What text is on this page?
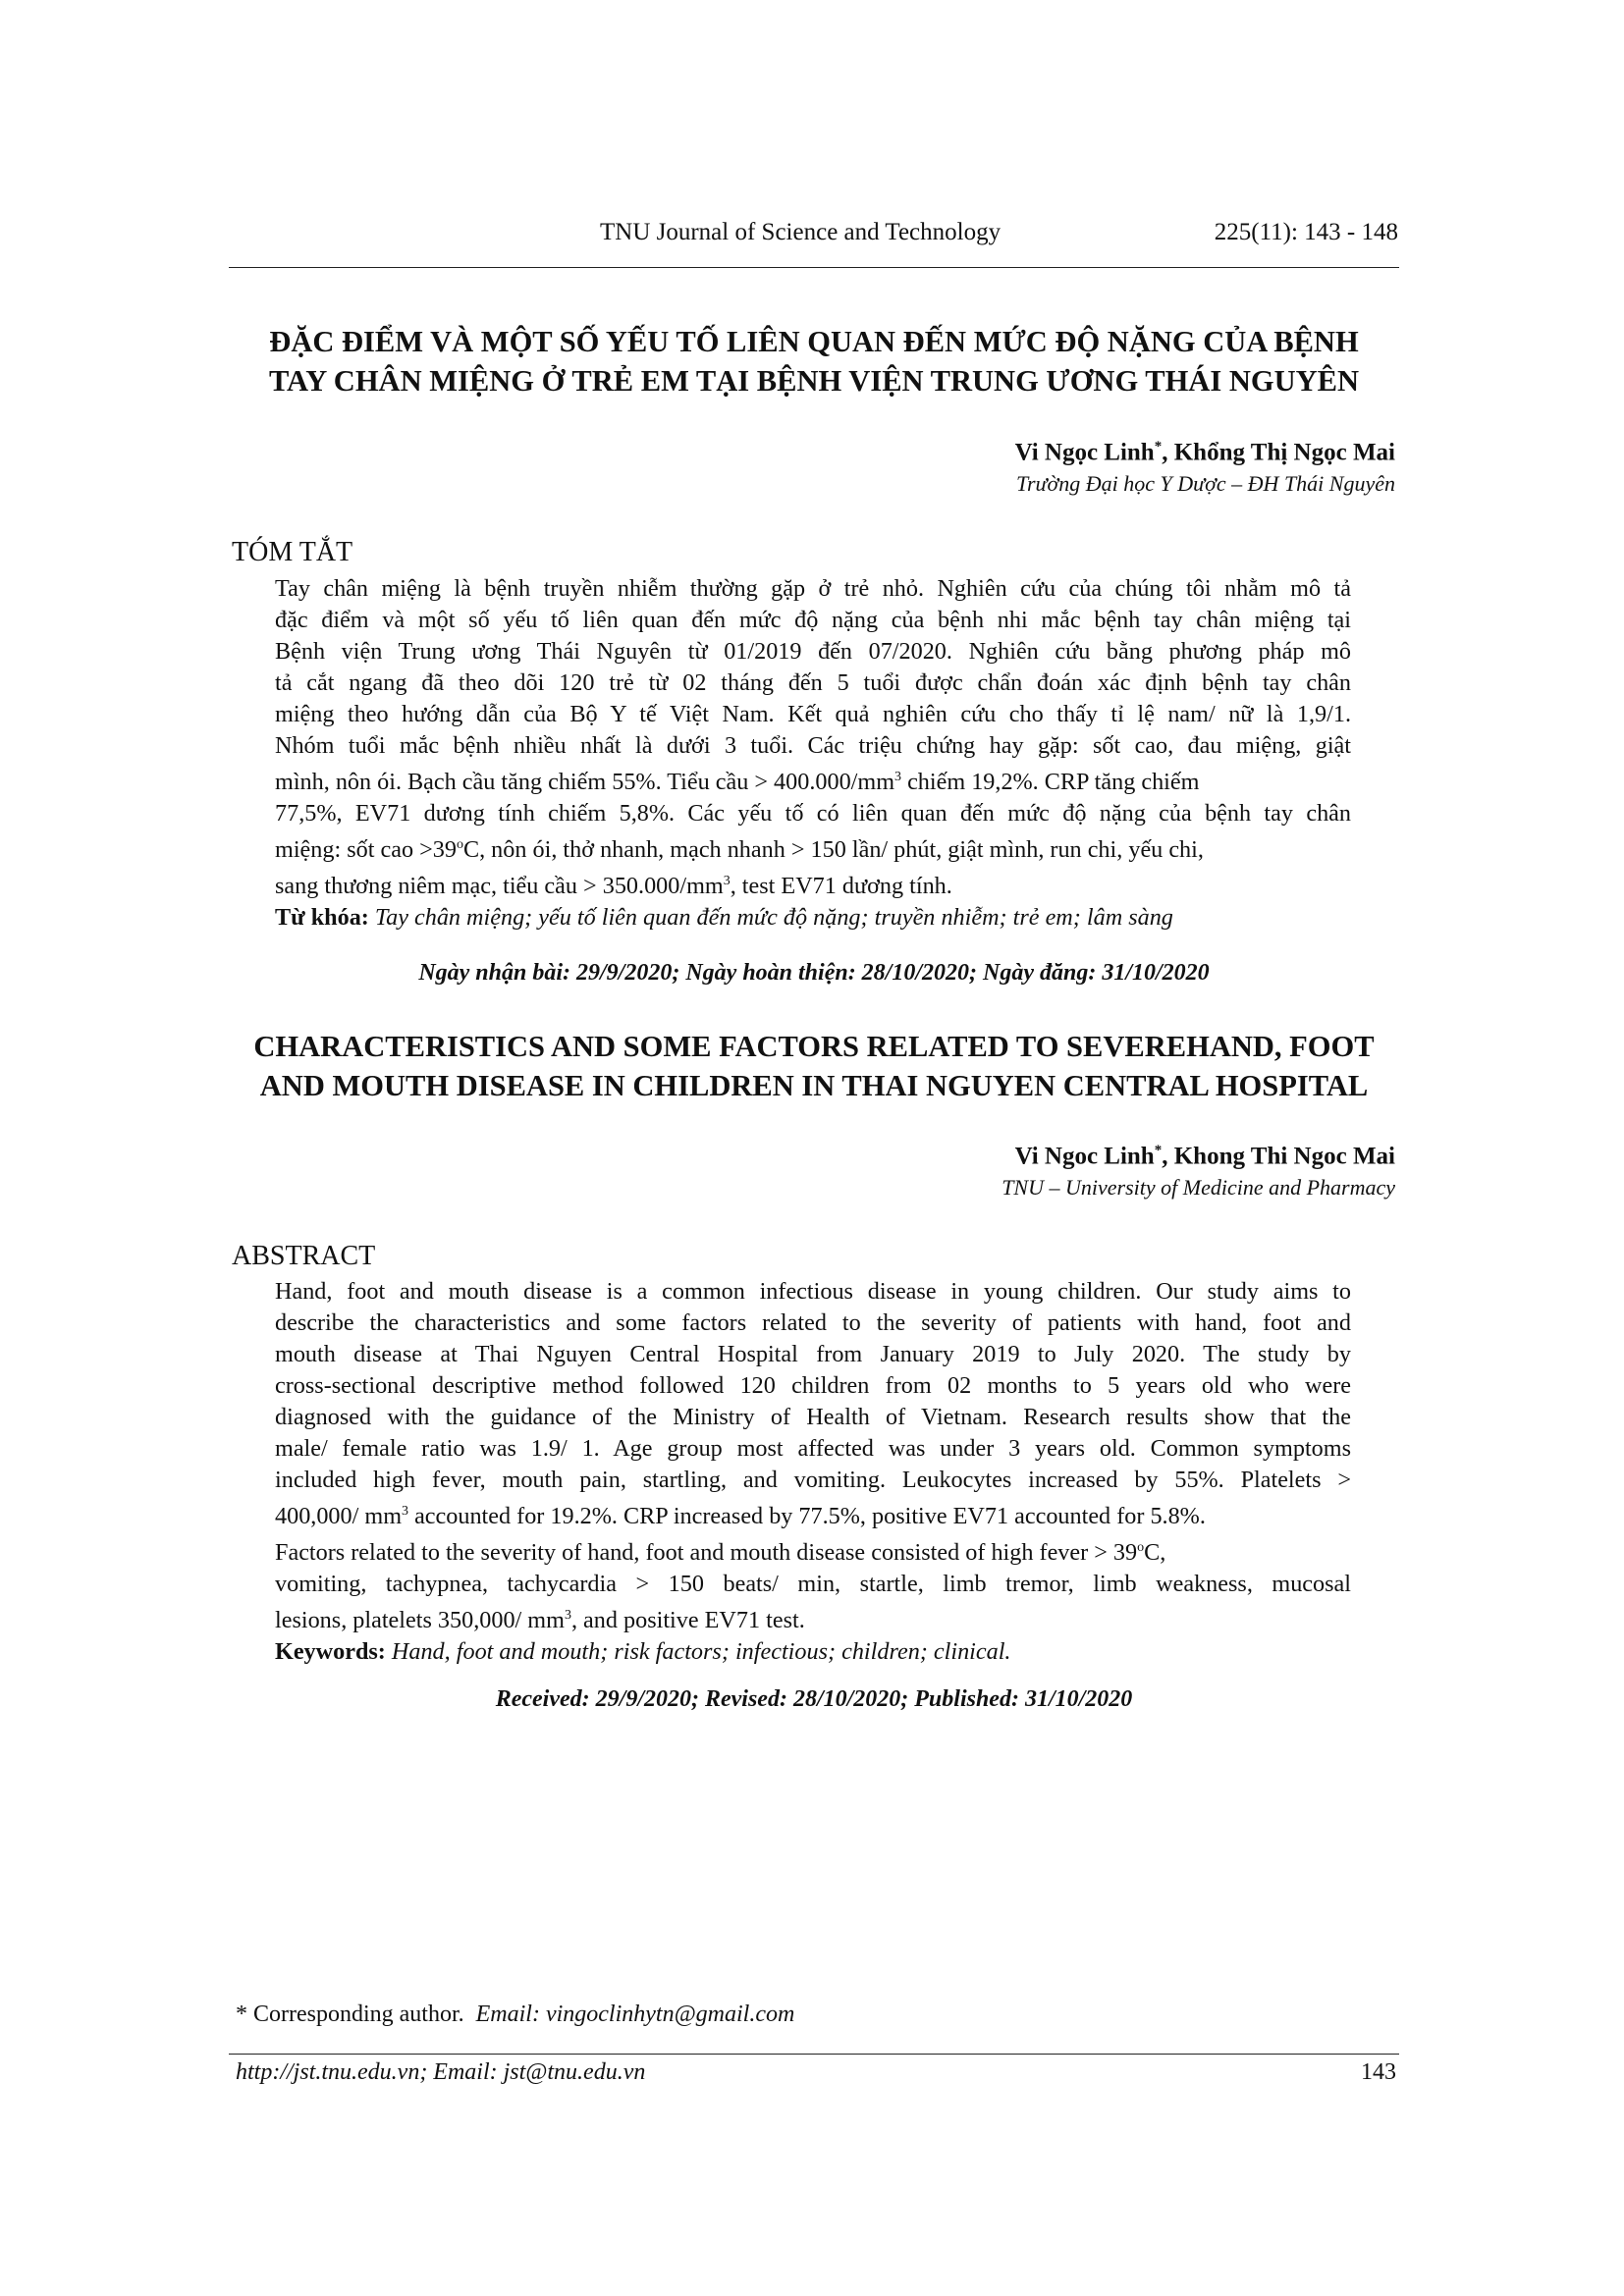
TNU Journal of Science and Technology	225(11): 143 - 148
ĐẶC ĐIỂM VÀ MỘT SỐ YẾU TỐ LIÊN QUAN ĐẾN MỨC ĐỘ NẶNG CỦA BỆNH
TAY CHÂN MIỆNG Ở TRẺ EM TẠI BỆNH VIỆN TRUNG ƯƠNG THÁI NGUYÊN
Vi Ngọc Linh*, Khổng Thị Ngọc Mai
Trường Đại học Y Dược – ĐH Thái Nguyên
TÓM TẮT
Tay chân miệng là bệnh truyền nhiễm thường gặp ở trẻ nhỏ. Nghiên cứu của chúng tôi nhằm mô tả
đặc điểm và một số yếu tố liên quan đến mức độ nặng của bệnh nhi mắc bệnh tay chân miệng tại
Bệnh viện Trung ương Thái Nguyên từ 01/2019 đến 07/2020. Nghiên cứu bằng phương pháp mô
tả cắt ngang đã theo dõi 120 trẻ từ 02 tháng đến 5 tuổi được chẩn đoán xác định bệnh tay chân
miệng theo hướng dẫn của Bộ Y tế Việt Nam. Kết quả nghiên cứu cho thấy tỉ lệ nam/ nữ là 1,9/1.
Nhóm tuổi mắc bệnh nhiều nhất là dưới 3 tuổi. Các triệu chứng hay gặp: sốt cao, đau miệng, giật
mình, nôn ói. Bạch cầu tăng chiếm 55%. Tiểu cầu > $400.000/mm^3$ chiếm 19,2%. CRP tăng chiếm
77,5%, EV71 dương tính chiếm 5,8%. Các yếu tố có liên quan đến mức độ nặng của bệnh tay chân
miệng: sốt cao $>39^oC$, nôn ói, thở nhanh, mạch nhanh > 150 lần/ phút, giật mình, run chi, yếu chi,
sang thương niêm mạc, tiểu cầu > $350.000/mm^3$, test EV71 dương tính.
Từ khóa: Tay chân miệng; yếu tố liên quan đến mức độ nặng; truyền nhiễm; trẻ em; lâm sàng
Ngày nhận bài: 29/9/2020; Ngày hoàn thiện: 28/10/2020; Ngày đăng: 31/10/2020
CHARACTERISTICS AND SOME FACTORS RELATED TO SEVEREHAND, FOOT
AND MOUTH DISEASE IN CHILDREN IN THAI NGUYEN CENTRAL HOSPITAL
Vi Ngoc Linh*, Khong Thi Ngoc Mai
TNU – University of Medicine and Pharmacy
ABSTRACT
Hand, foot and mouth disease is a common infectious disease in young children. Our study aims to
describe the characteristics and some factors related to the severity of patients with hand, foot and
mouth disease at Thai Nguyen Central Hospital from January 2019 to July 2020. The study by
cross-sectional descriptive method followed 120 children from 02 months to 5 years old who were
diagnosed with the guidance of the Ministry of Health of Vietnam. Research results show that the
male/ female ratio was 1.9/ 1. Age group most affected was under 3 years old. Common symptoms
included high fever, mouth pain, startling, and vomiting. Leukocytes increased by 55%. Platelets >
400,000/ $mm^3$ accounted for 19.2%. CRP increased by 77.5%, positive EV71 accounted for 5.8%.
Factors related to the severity of hand, foot and mouth disease consisted of high fever > $39^oC$,
vomiting, tachypnea, tachycardia > 150 beats/ min, startle, limb tremor, limb weakness, mucosal
lesions, platelets 350,000/ $mm^3$, and positive EV71 test.
Keywords: Hand, foot and mouth; risk factors; infectious; children; clinical.
Received: 29/9/2020; Revised: 28/10/2020; Published: 31/10/2020
* Corresponding author. Email: vingoclinhytn@gmail.com
http://jst.tnu.edu.vn; Email: jst@tnu.edu.vn	143
